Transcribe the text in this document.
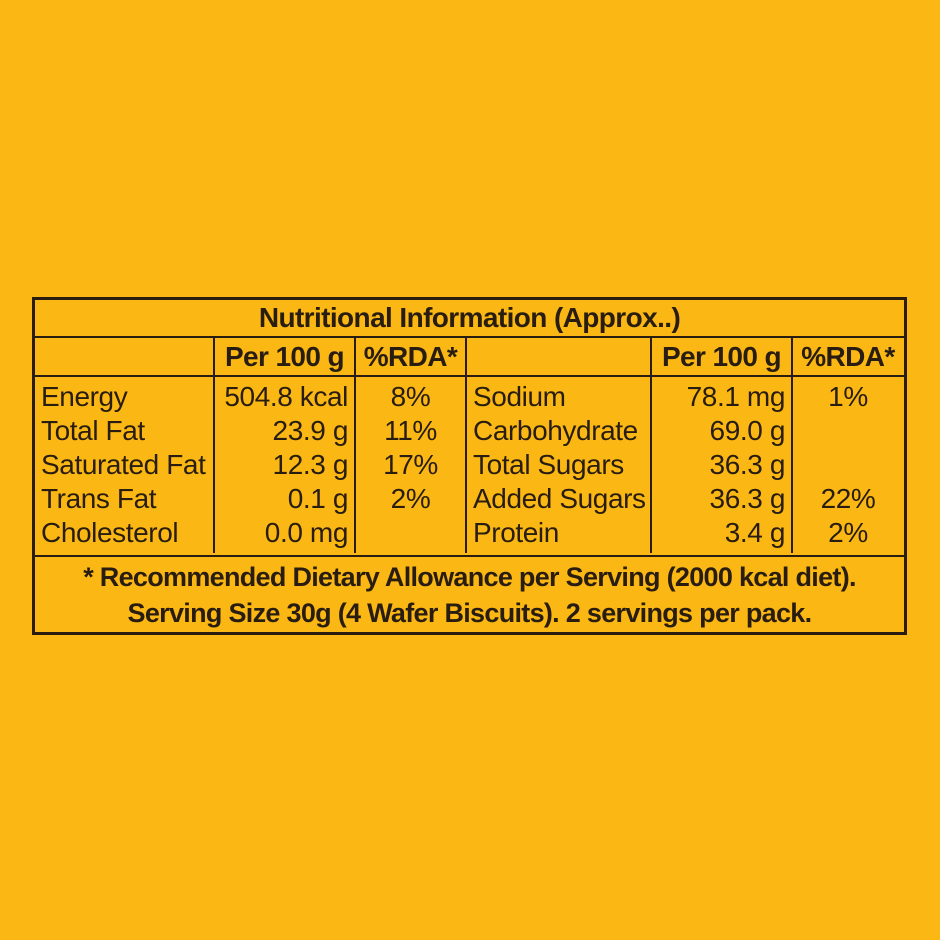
Nutritional Information (Approx..)
Per 100 g %RDA*	Per 100 g %RDA*
Energy
Total Fat
Saturated Fat
Trans Fat
Cholesterol
504.8 kcal
23.9 g
12.3 g
0.1 g
0.0 mg
8%
11%
17%
2%
Sodium
Carbohydrate
Total Sugars
Added Sugars
Protein
78.1 mg
69.0 g
36.3 g
36.3 g
3.4 g
1%
22%
2%
* Recommended Dietary Allowance per Serving (2000 kcal diet).
Serving Size 30g (4 Wafer Biscuits). 2 servings per pack.
